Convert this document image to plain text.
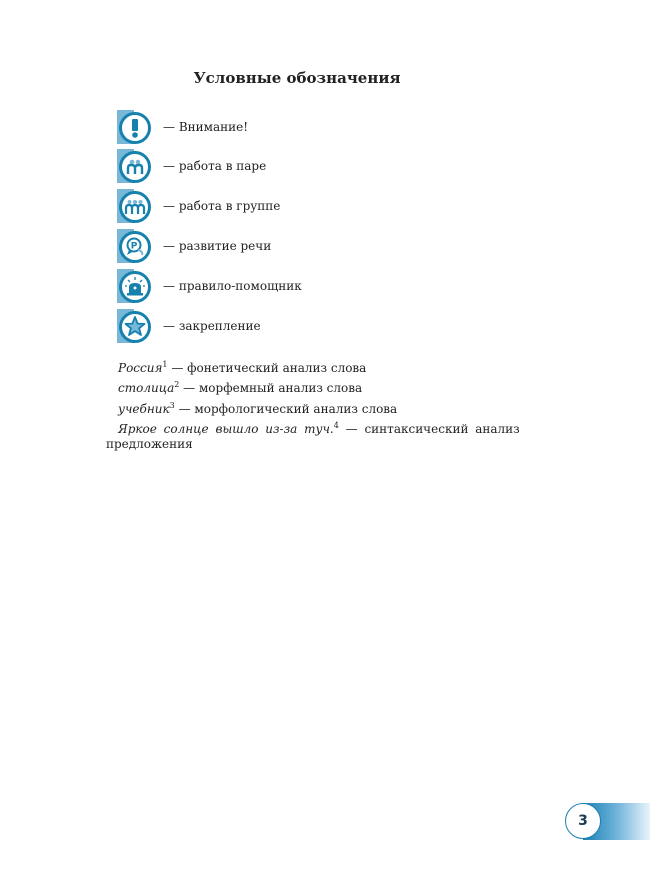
Условные обозначения
— Внимание!
— работа в паре
— работа в группе
P — развитие речи
— правило-помощник
— закрепление
Россия$^1$ — фонетический анализ слова
столица$^2$ — морфемный анализ слова
учебник$^3$ — морфологический анализ слова
Яркое солнце вышло из-за туч.$^4$ — синтаксический анализ
предложения
3
